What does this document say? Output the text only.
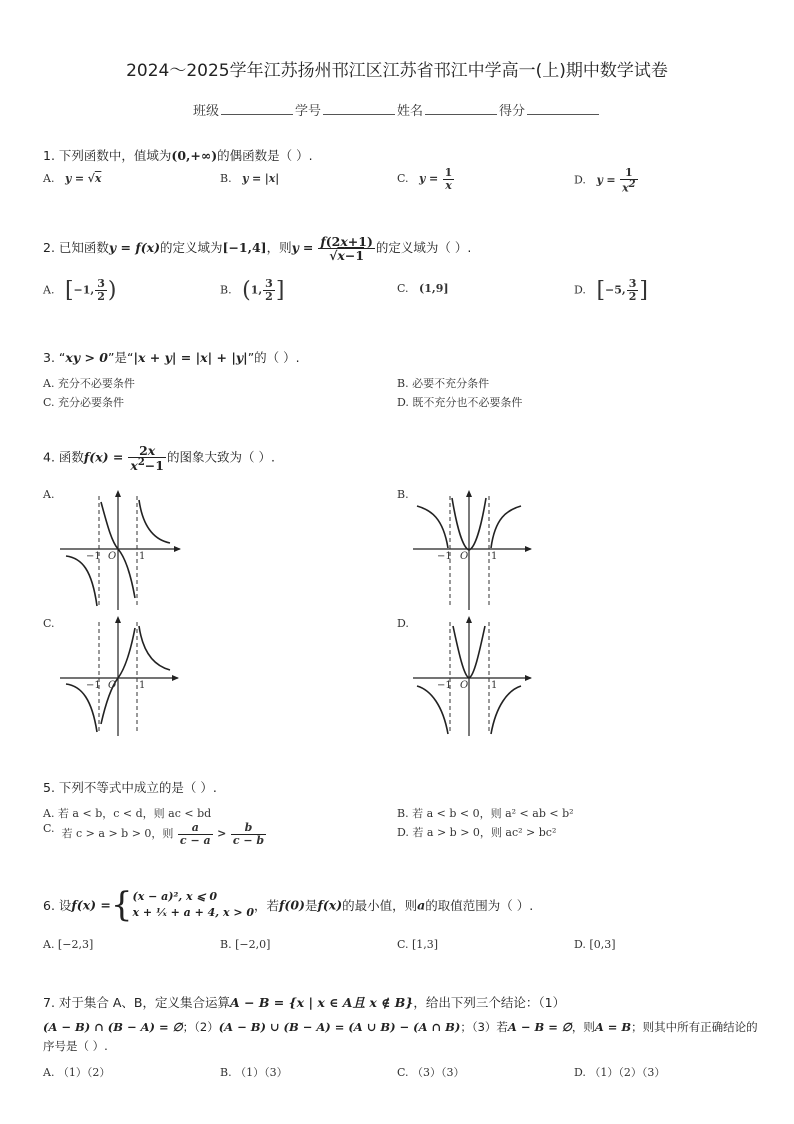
2024～2025学年江苏扬州邗江区江苏省邗江中学高一(上)期中数学试卷
班级	学号	姓名	得分
1. 下列函数中，值域为(0,+∞)的偶函数是（ ）.
A. y = √x	B. y = |x|	C. $y = \frac{1}{x}$	D. $y = \frac{1}{x^2}$
2. 已知函数y = f(x)的定义域为[−1,4]，则$y = \frac{f(2x+1)}{√x-1}$ 的定义域为（ ）.
A. [−1, $\frac{3}{2}$ )	B. (1, $\frac{3}{2}$ ]	C. (1,9]	D. [−5, $\frac{3}{2}$ ]
3. “xy > 0”是“|x + y| = |x| + |y|”的（ ）.
A. 充分不必要条件	B. 必要不充分条件
C. 充分必要条件	D. 既不充分也不必要条件
4. 函数$f(x) = \frac{2x}{x^2-1}$ 的图象大致为（ ）.
A.	B.
C.	D.
−1 O 1	−1 O 1
−1 O 1	−1 O 1
5. 下列不等式中成立的是（ ）.
A. 若 a < b，c < d，则 ac < bd	B. 若 a < b < 0，则 a² < ab < b²
C. 若 c > a > b > 0，则 $\frac{a}{c - a} > \frac{b}{c - b}$	D. 若 a > b > 0，则 ac² > bc²
6. 设f(x) ={ (x − a)², x ⩽ 0
x + ¹⁄ₓ + a + 4, x > 0 ，若f(0)是f(x)的最小值，则a的取值范围为（ ）.
A. [−2,3]	B. [−2,0]	C. [1,3]	D. [0,3]
7. 对于集合 A、B，定义集合运算A − B = {x | x ∈ A且 x ∉ B}，给出下列三个结论：（1）
(A − B) ∩ (B − A) = ∅；（2）(A − B) ∪ (B − A) = (A ∪ B) − (A ∩ B)；（3）若A − B = ∅，则A = B；则其中所有正确结论的
序号是（ ）.
A. （1）（2）	B. （1）（3）	C. （3）（3）	D. （1）（2）（3）
